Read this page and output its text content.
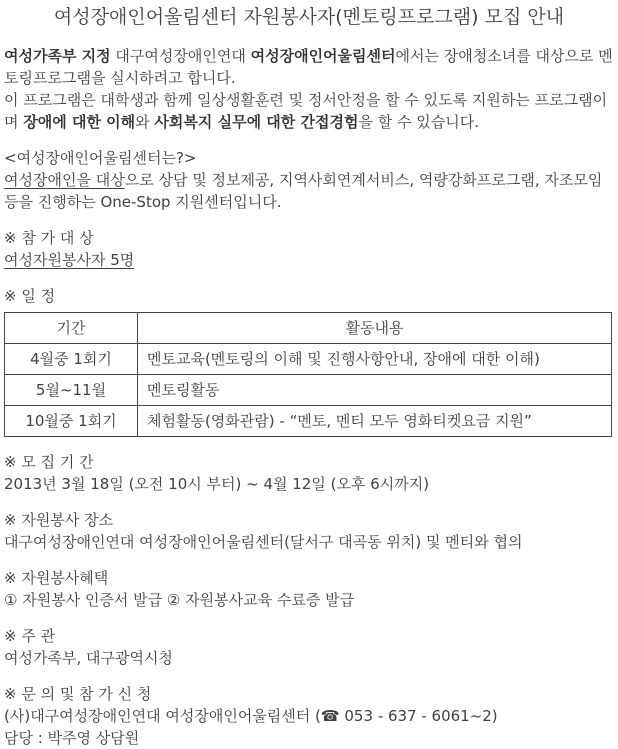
여성장애인어울림센터 자원봉사자(멘토링프로그램) 모집 안내

여성가족부 지정 대구여성장애인연대 여성장애인어울림센터에서는 장애청소녀를 대상으로 멘토링프로그램을 실시하려고 합니다.

이 프로그램은 대학생과 함께 일상생활훈련 및 정서안정을 할 수 있도록 지원하는 프로그램이며 장애에 대한 이해와 사회복지 실무에 대한 간접경험을 할 수 있습니다.

<여성장애인어울림센터는?>

여성장애인을 대상으로 상담 및 정보제공, 지역사회연계서비스, 역량강화프로그램, 자조모임 등을 진행하는 One-Stop 지원센터입니다.

※ 참 가 대 상
여성자원봉사자 5명
※ 일 정
기간	활동내용
4월중 1회기	멘토교육(멘토링의 이해 및 진행사항안내, 장애에 대한 이해)
5월~11월	멘토링활동
10월중 1회기	체험활동(영화관람) - “멘토, 멘티 모두 영화티켓요금 지원”
※ 모 집 기 간
2013년 3월 18일 (오전 10시 부터) ~ 4월 12일 (오후 6시까지)
※ 자원봉사 장소
대구여성장애인연대 여성장애인어울림센터(달서구 대곡동 위치) 및 멘티와 협의
※ 자원봉사혜택
① 자원봉사 인증서 발급 ② 자원봉사교육 수료증 발급
※ 주 관
여성가족부, 대구광역시청
※ 문 의 및 참 가 신 청
(사)대구여성장애인연대 여성장애인어울림센터 (☎ 053 - 637 - 6061~2)
담당 : 박주영 상담원
